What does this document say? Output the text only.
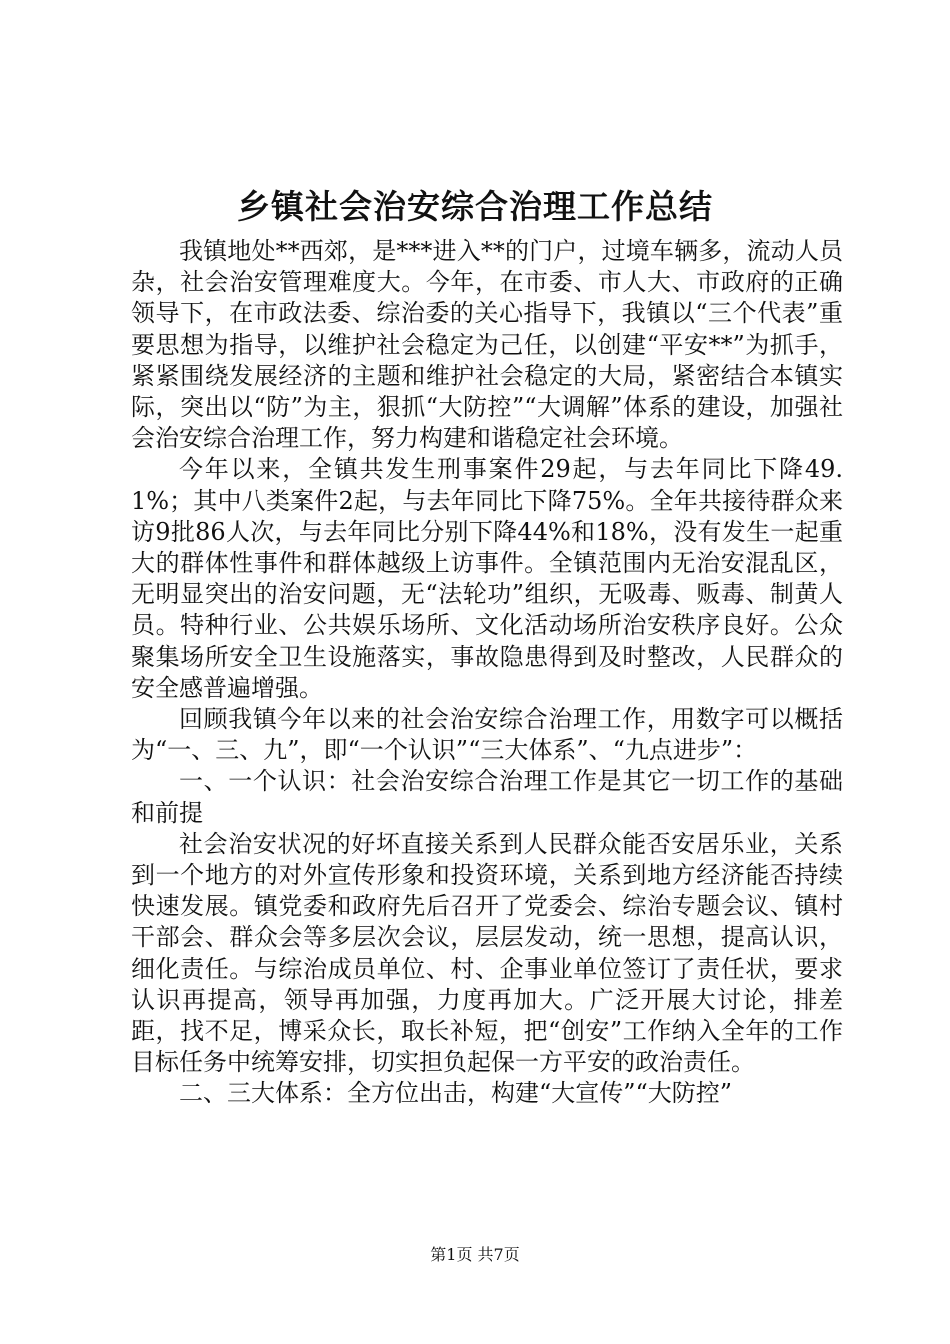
乡镇社会治安综合治理工作总结

我镇地处**西郊，是***进入**的门户，过境车辆多，流动人员杂，社会治安管理难度大。今年，在市委、市人大、市政府的正确领导下，在市政法委、综治委的关心指导下，我镇以“三个代表”重要思想为指导，以维护社会稳定为己任，以创建“平安**”为抓手，紧紧围绕发展经济的主题和维护社会稳定的大局，紧密结合本镇实际，突出以“防”为主，狠抓“大防控”“大调解”体系的建设，加强社会治安综合治理工作，努力构建和谐稳定社会环境。

今年以来，全镇共发生刑事案件29起，与去年同比下降49.1%；其中八类案件2起，与去年同比下降75%。全年共接待群众来访9批86人次，与去年同比分别下降44%和18%，没有发生一起重大的群体性事件和群体越级上访事件。全镇范围内无治安混乱区，无明显突出的治安问题，无“法轮功”组织，无吸毒、贩毒、制黄人员。特种行业、公共娱乐场所、文化活动场所治安秩序良好。公众聚集场所安全卫生设施落实，事故隐患得到及时整改，人民群众的安全感普遍增强。

回顾我镇今年以来的社会治安综合治理工作，用数字可以概括为“一、三、九”，即“一个认识”“三大体系”、“九点进步”：

一、一个认识：社会治安综合治理工作是其它一切工作的基础和前提

社会治安状况的好坏直接关系到人民群众能否安居乐业，关系到一个地方的对外宣传形象和投资环境，关系到地方经济能否持续快速发展。镇党委和政府先后召开了党委会、综治专题会议、镇村干部会、群众会等多层次会议，层层发动，统一思想，提高认识，细化责任。与综治成员单位、村、企事业单位签订了责任状，要求认识再提高，领导再加强，力度再加大。广泛开展大讨论，排差距，找不足，博采众长，取长补短，把“创安”工作纳入全年的工作目标任务中统筹安排，切实担负起保一方平安的政治责任。

二、三大体系：全方位出击，构建“大宣传”“大防控”

第1页 共7页
